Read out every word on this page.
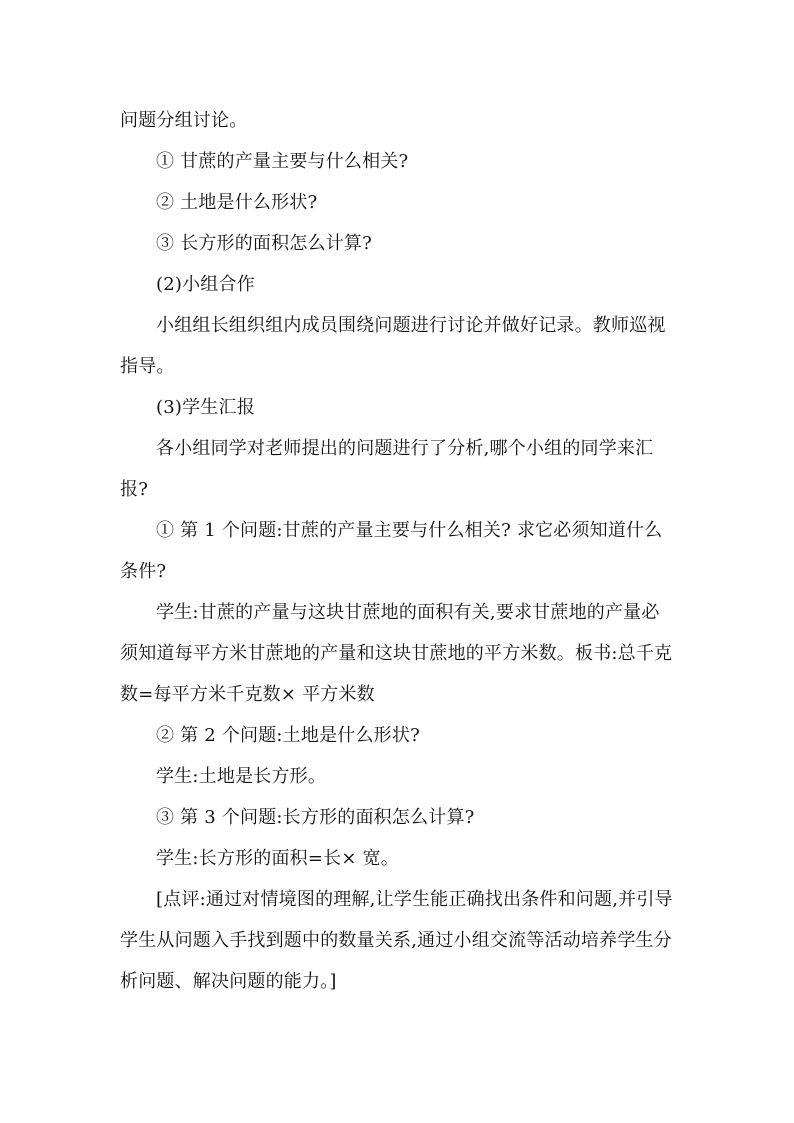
问题分组讨论。

① 甘蔗的产量主要与什么相关?

② 土地是什么形状?

③ 长方形的面积怎么计算?

(2)小组合作

小组组长组织组内成员围绕问题进行讨论并做好记录。教师巡视指导。

(3)学生汇报

各小组同学对老师提出的问题进行了分析,哪个小组的同学来汇报?

① 第 1 个问题:甘蔗的产量主要与什么相关? 求它必须知道什么条件?

学生:甘蔗的产量与这块甘蔗地的面积有关,要求甘蔗地的产量必须知道每平方米甘蔗地的产量和这块甘蔗地的平方米数。板书:总千克数=每平方米千克数× 平方米数

② 第 2 个问题:土地是什么形状?

学生:土地是长方形。

③ 第 3 个问题:长方形的面积怎么计算?

学生:长方形的面积=长× 宽。

[点评:通过对情境图的理解,让学生能正确找出条件和问题,并引导学生从问题入手找到题中的数量关系,通过小组交流等活动培养学生分析问题、解决问题的能力。]
